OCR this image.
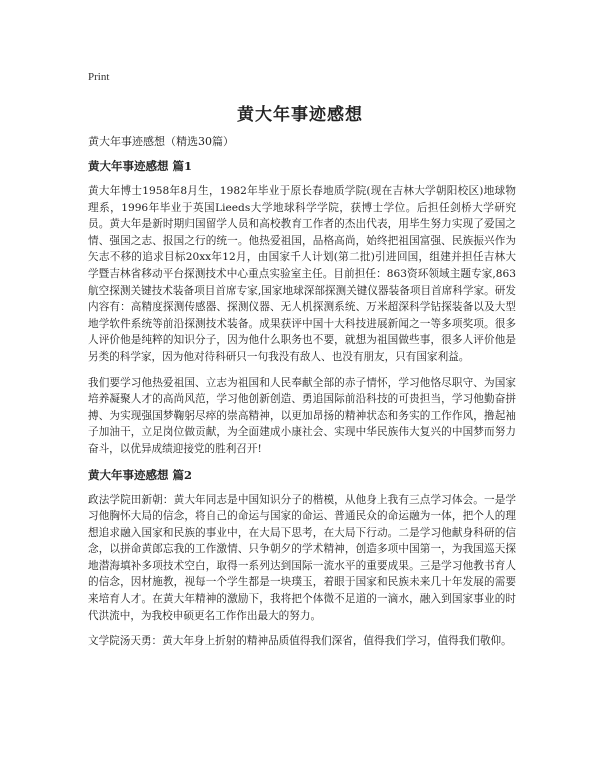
Print
黄大年事迹感想

黄大年事迹感想（精选30篇）

黄大年事迹感想 篇1

黄大年博士1958年8月生，1982年毕业于原长春地质学院(现在吉林大学朝阳校区)地球物理系，1996年毕业于英国Lieeds大学地球科学学院，获博士学位。后担任剑桥大学研究员。黄大年是新时期归国留学人员和高校教育工作者的杰出代表，用毕生努力实现了爱国之情、强国之志、报国之行的统一。他热爱祖国，品格高尚，始终把祖国富强、民族振兴作为矢志不移的追求目标20xx年12月，由国家千人计划(第二批)引进回国，组建并担任吉林大学暨吉林省移动平台探测技术中心重点实验室主任。目前担任：863资环领域主题专家,863航空探测关键技术装备项目首席专家,国家地球深部探测关键仪器装备项目首席科学家。研发内容有：高精度探测传感器、探测仪器、无人机探测系统、万米超深科学钻探装备以及大型地学软件系统等前沿探测技术装备。成果获评中国十大科技进展新闻之一等多项奖项。很多人评价他是纯粹的知识分子，因为他什么职务也不要，就想为祖国做些事，很多人评价他是另类的科学家，因为他对待科研只一句我没有敌人、也没有朋友，只有国家利益。

我们要学习他热爱祖国、立志为祖国和人民奉献全部的赤子情怀，学习他恪尽职守、为国家培养凝聚人才的高尚风范，学习他创新创造、勇追国际前沿科技的可贵担当，学习他勤奋拼搏、为实现强国梦鞠躬尽瘁的崇高精神，以更加昂扬的精神状态和务实的工作作风，撸起袖子加油干，立足岗位做贡献，为全面建成小康社会、实现中华民族伟大复兴的中国梦而努力奋斗，以优异成绩迎接党的胜利召开!

黄大年事迹感想 篇2

政法学院田新朝：黄大年同志是中国知识分子的楷模，从他身上我有三点学习体会。一是学习他胸怀大局的信念，将自己的命运与国家的命运、普通民众的命运融为一体，把个人的理想追求融入国家和民族的事业中，在大局下思考，在大局下行动。二是学习他献身科研的信念，以拼命黄郎忘我的工作激情、只争朝夕的学术精神，创造多项中国第一，为我国巡天探地潜海填补多项技术空白，取得一系列达到国际一流水平的重要成果。三是学习他教书育人的信念，因材施教，视每一个学生都是一块璞玉，着眼于国家和民族未来几十年发展的需要来培育人才。在黄大年精神的激励下，我将把个体微不足道的一滴水，融入到国家事业的时代洪流中，为我校申硕更名工作作出最大的努力。

文学院汤天勇：黄大年身上折射的精神品质值得我们深省，值得我们学习，值得我们敬仰。
